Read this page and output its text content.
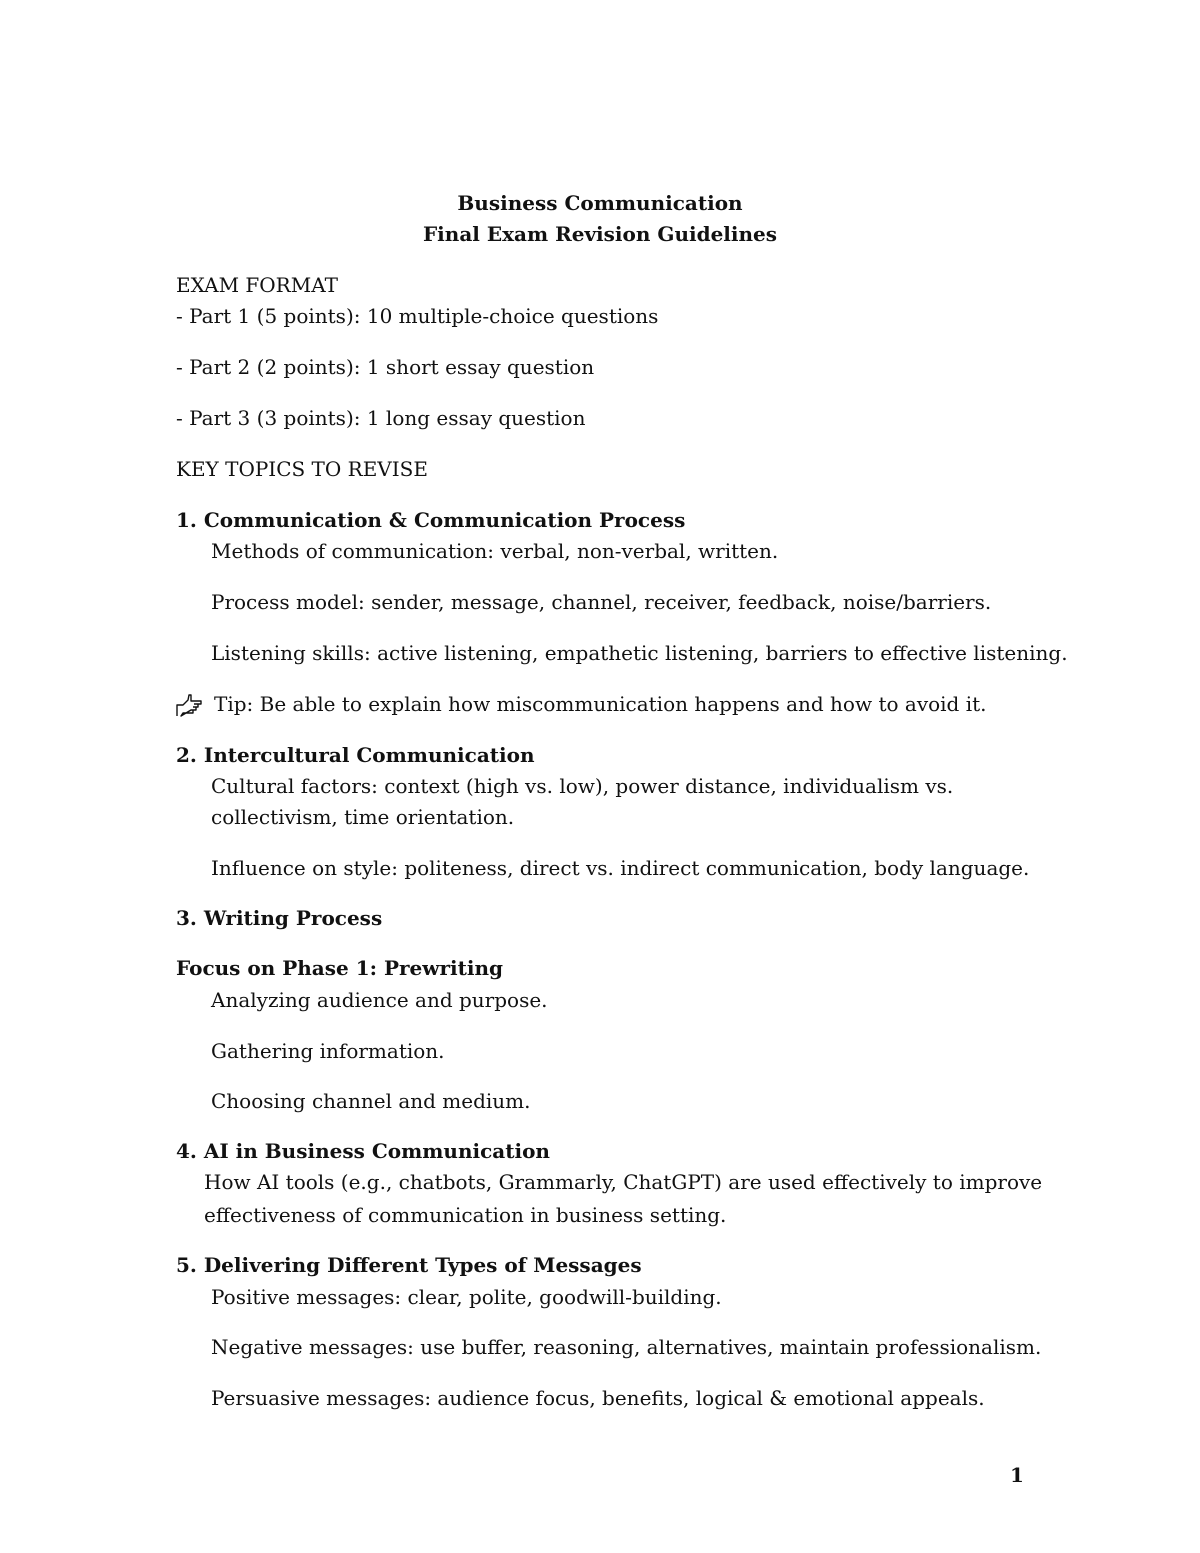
Business Communication
Final Exam Revision Guidelines
EXAM FORMAT
- Part 1 (5 points): 10 multiple-choice questions
- Part 2 (2 points): 1 short essay question
- Part 3 (3 points): 1 long essay question
KEY TOPICS TO REVISE
1. Communication & Communication Process
Methods of communication: verbal, non-verbal, written.
Process model: sender, message, channel, receiver, feedback, noise/barriers.
Listening skills: active listening, empathetic listening, barriers to effective listening.
Tip: Be able to explain how miscommunication happens and how to avoid it.
2. Intercultural Communication
Cultural factors: context (high vs. low), power distance, individualism vs.
collectivism, time orientation.
Influence on style: politeness, direct vs. indirect communication, body language.
3. Writing Process
Focus on Phase 1: Prewriting
Analyzing audience and purpose.
Gathering information.
Choosing channel and medium.
4. AI in Business Communication
How AI tools (e.g., chatbots, Grammarly, ChatGPT) are used effectively to improve
effectiveness of communication in business setting.
5. Delivering Different Types of Messages
Positive messages: clear, polite, goodwill-building.
Negative messages: use buffer, reasoning, alternatives, maintain professionalism.
Persuasive messages: audience focus, benefits, logical & emotional appeals.
1
